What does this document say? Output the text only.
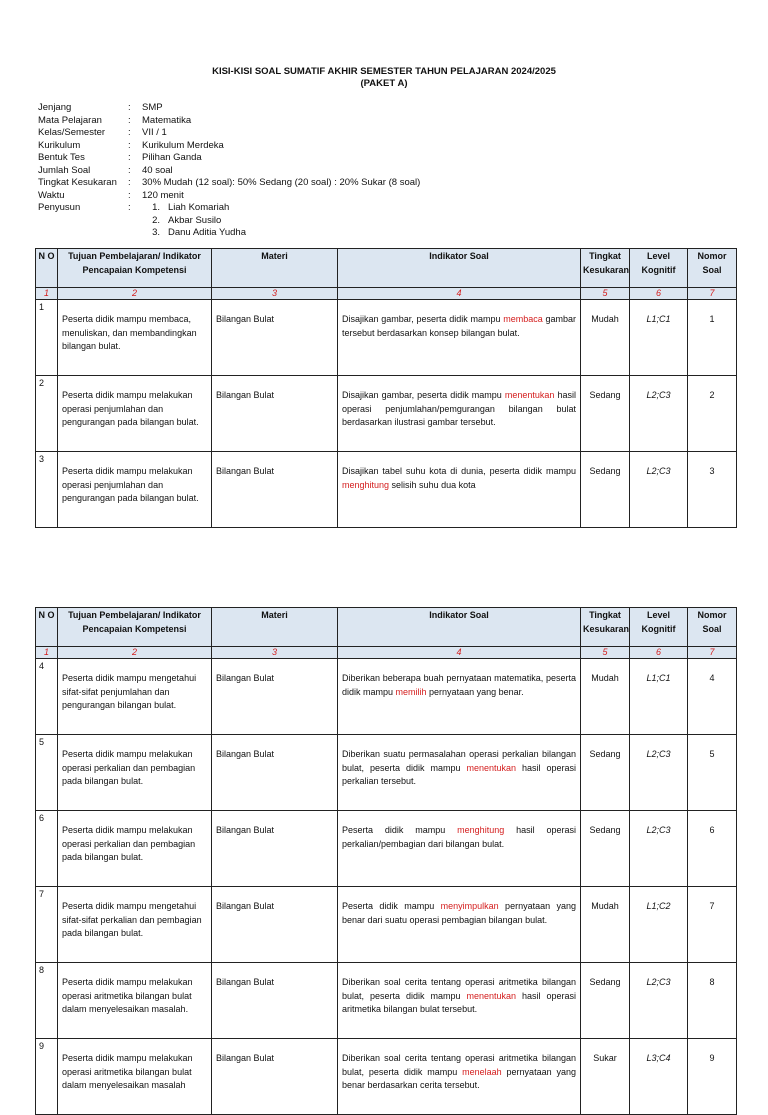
KISI-KISI SOAL SUMATIF AKHIR SEMESTER TAHUN PELAJARAN 2024/2025
(PAKET A)
Jenjang	:	SMP
Mata Pelajaran	:	Matematika
Kelas/Semester	:	VII / 1
Kurikulum	:	Kurikulum Merdeka
Bentuk Tes	:	Pilihan Ganda
Jumlah Soal	:	40 soal
Tingkat Kesukaran	:	30% Mudah (12 soal): 50% Sedang (20 soal) : 20% Sukar (8 soal)
Waktu	:	120 menit
Penyusun	:	1. Liah Komariah
2. Akbar Susilo
3. Danu Aditia Yudha
N O	Tujuan Pembelajaran/ Indikator Pencapaian Kompetensi	Materi	Indikator Soal	Tingkat Kesukaran	Level Kognitif	Nomor Soal
1	2	3	4	5	6	7
1	Peserta didik mampu membaca, menuliskan, dan membandingkan bilangan bulat.	Bilangan Bulat	Disajikan gambar, peserta didik mampu membaca gambar tersebut berdasarkan konsep bilangan bulat.	Mudah	L1;C1	1
2	Peserta didik mampu melakukan operasi penjumlahan dan pengurangan pada bilangan bulat.	Bilangan Bulat	Disajikan gambar, peserta didik mampu menentukan hasil operasi penjumlahan/pemgurangan bilangan bulat berdasarkan ilustrasi gambar tersebut.	Sedang	L2;C3	2
3	Peserta didik mampu melakukan operasi penjumlahan dan pengurangan pada bilangan bulat.	Bilangan Bulat	Disajikan tabel suhu kota di dunia, peserta didik mampu menghitung selisih suhu dua kota	Sedang	L2;C3	3
N O	Tujuan Pembelajaran/ Indikator Pencapaian Kompetensi	Materi	Indikator Soal	Tingkat Kesukaran	Level Kognitif	Nomor Soal
1	2	3	4	5	6	7
4	Peserta didik mampu mengetahui sifat-sifat penjumlahan dan pengurangan bilangan bulat.	Bilangan Bulat	Diberikan beberapa buah pernyataan matematika, peserta didik mampu memilih pernyataan yang benar.	Mudah	L1;C1	4
5	Peserta didik mampu melakukan operasi perkalian dan pembagian pada bilangan bulat.	Bilangan Bulat	Diberikan suatu permasalahan operasi perkalian bilangan bulat, peserta didik mampu menentukan hasil operasi perkalian tersebut.	Sedang	L2;C3	5
6	Peserta didik mampu melakukan operasi perkalian dan pembagian pada bilangan bulat.	Bilangan Bulat	Peserta didik mampu menghitung hasil operasi perkalian/pembagian dari bilangan bulat.	Sedang	L2;C3	6
7	Peserta didik mampu mengetahui sifat-sifat perkalian dan pembagian pada bilangan bulat.	Bilangan Bulat	Peserta didik mampu menyimpulkan pernyataan yang benar dari suatu operasi pembagian bilangan bulat.	Mudah	L1;C2	7
8	Peserta didik mampu melakukan operasi aritmetika bilangan bulat dalam menyelesaikan masalah.	Bilangan Bulat	Diberikan soal cerita tentang operasi aritmetika bilangan bulat, peserta didik mampu menentukan hasil operasi aritmetika bilangan bulat tersebut.	Sedang	L2;C3	8
9	Peserta didik mampu melakukan operasi aritmetika bilangan bulat dalam menyelesaikan masalah	Bilangan Bulat	Diberikan soal cerita tentang operasi aritmetika bilangan bulat, peserta didik mampu menelaah pernyataan yang benar berdasarkan cerita tersebut.	Sukar	L3;C4	9
